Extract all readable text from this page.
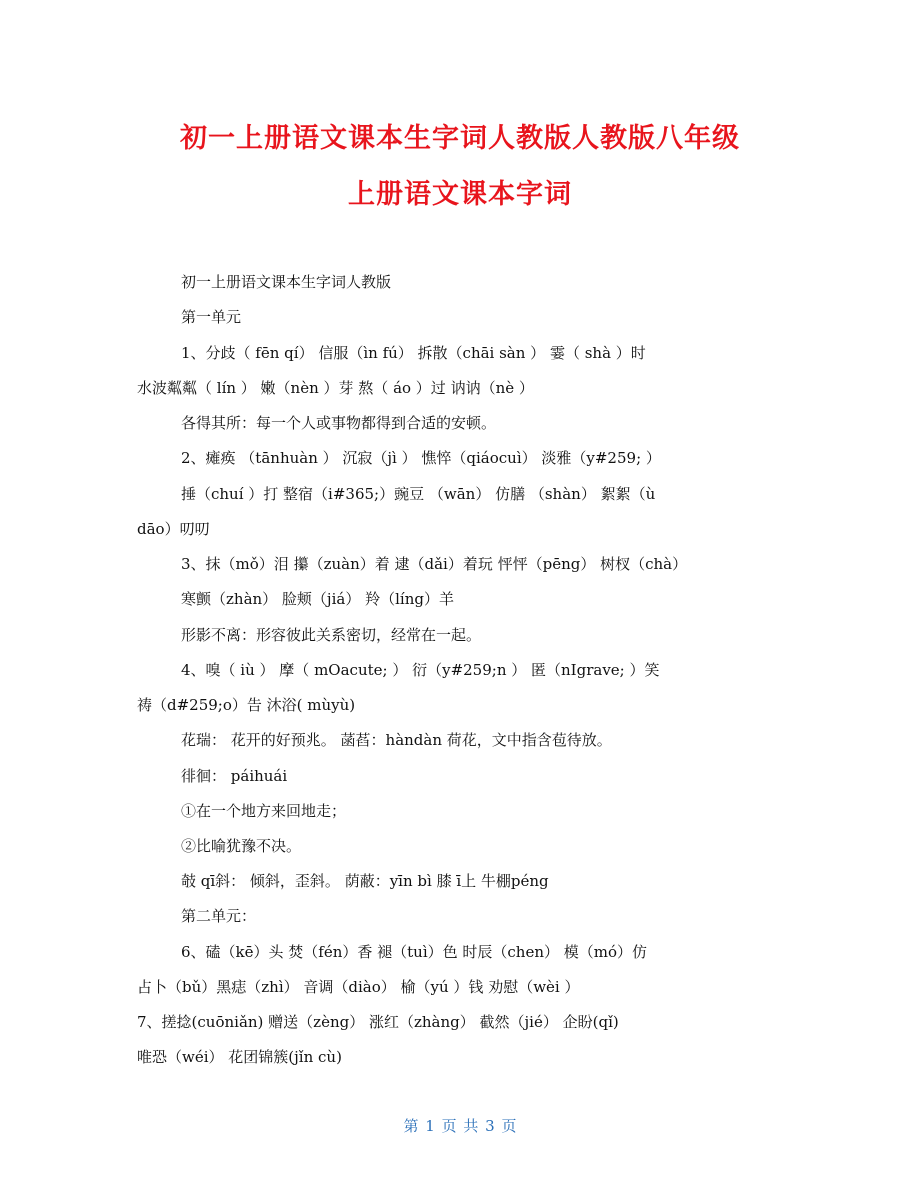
初一上册语文课本生字词人教版人教版八年级
上册语文课本字词
初一上册语文课本生字词人教版
第一单元
1、分歧（ fēn qí） 信服（ìn fú） 拆散（chāi sàn ） 霎（ shà ）时
水波粼粼（ lín ） 嫩（nèn ）芽 熬（ áo ）过 讷讷（nè ）
各得其所：每一个人或事物都得到合适的安顿。
2、瘫痪 （tānhuàn ） 沉寂（jì ） 憔悴（qiáocuì） 淡雅（y#259; ）
捶（chuí ）打 整宿（i#365;）豌豆 （wān） 仿膳 （shàn） 絮絮（ù
dāo）叨叨
3、抹（mǒ）泪 攥（zuàn）着 逮（dǎi）着玩 怦怦（pēng） 树杈（chà）
寒颤（zhàn） 脸颊（jiá） 羚（líng）羊
形影不离：形容彼此关系密切，经常在一起。
4、嗅（ iù ） 摩（ mOacute; ） 衍（y#259;n ） 匿（nIgrave; ）笑
祷（d#259;o）告 沐浴( mùyù)
花瑞： 花开的好预兆。 菡萏：hàndàn 荷花，文中指含苞待放。
徘徊： páihuái
①在一个地方来回地走；
②比喻犹豫不决。
攲 qī斜： 倾斜，歪斜。 荫蔽：yīn bì 膝 ī上 牛棚péng
第二单元：
6、磕（kē）头 焚（fén）香 褪（tuì）色 时辰（chen） 模（mó）仿
占卜（bǔ）黑痣（zhì） 音调（diào） 榆（yú ）钱 劝慰（wèi ）
7、搓捻(cuōniǎn) 赠送（zèng） 涨红（zhàng） 截然（jié） 企盼(qǐ)
唯恐（wéi） 花团锦簇(jǐn cù)
第 1 页 共 3 页
